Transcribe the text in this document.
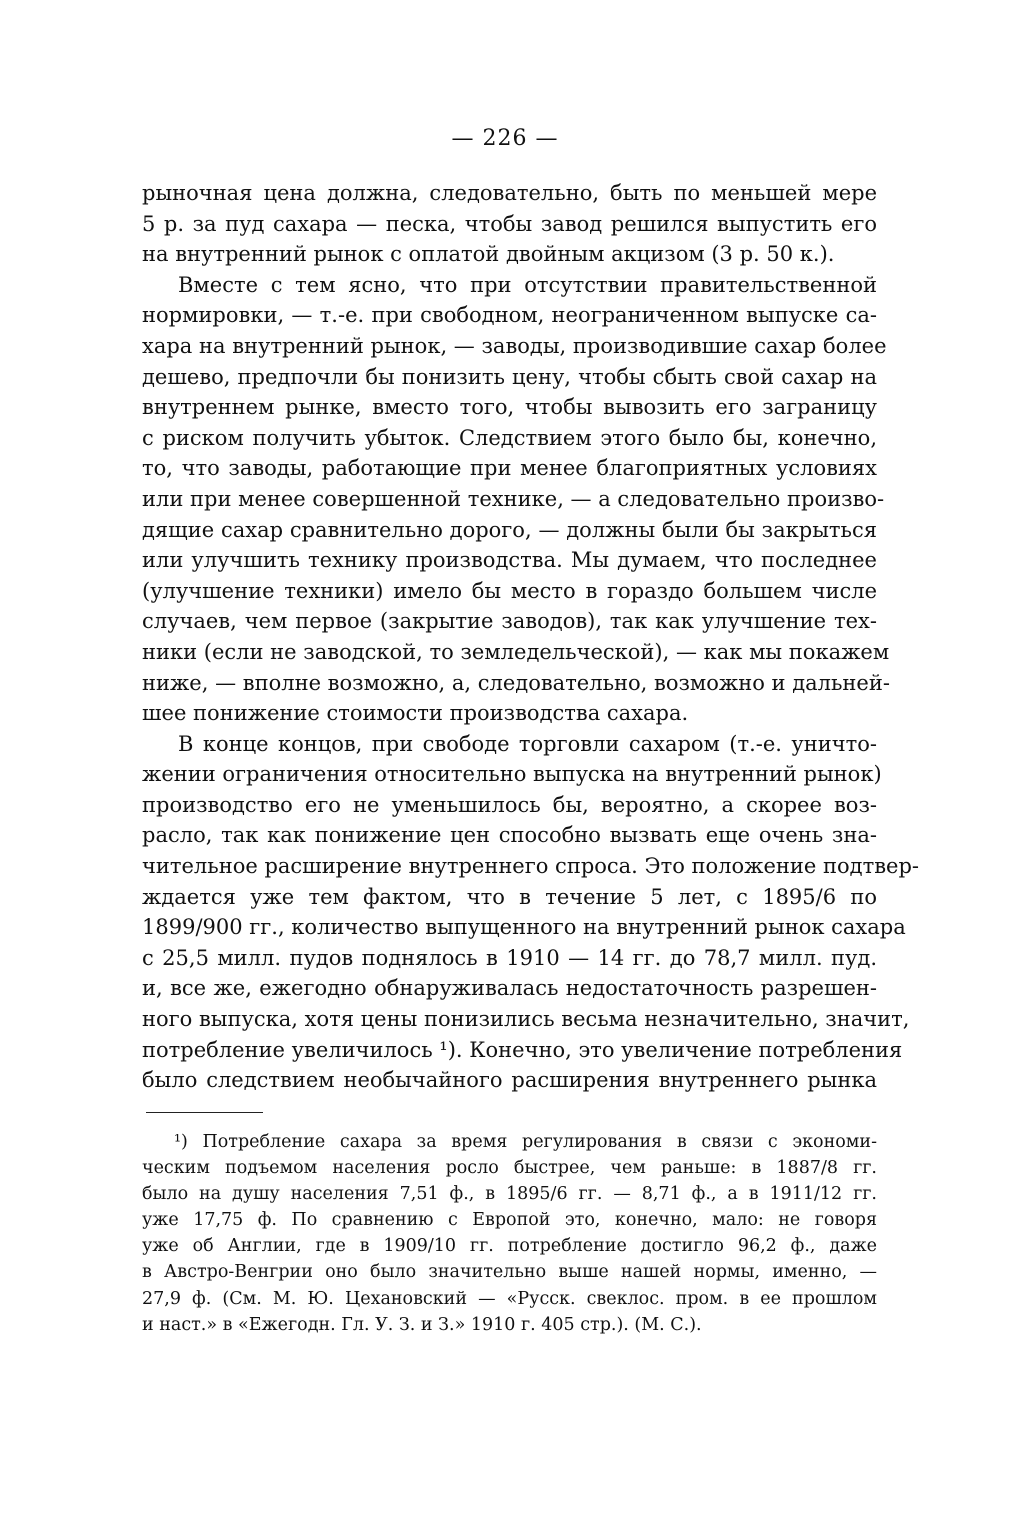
— 226 —
рыночная цена должна, следовательно, быть по меньшей мере
5 р. за пуд сахара — песка, чтобы завод решился выпустить его
на внутренний рынок с оплатой двойным акцизом (3 р. 50 к.).
Вместе с тем ясно, что при отсутствии правительственной
нормировки, — т.-е. при свободном, неограниченном выпуске са-
хара на внутренний рынок, — заводы, производившие сахар более
дешево, предпочли бы понизить цену, чтобы сбыть свой сахар на
внутреннем рынке, вместо того, чтобы вывозить его заграницу
с риском получить убыток. Следствием этого было бы, конечно,
то, что заводы, работающие при менее благоприятных условиях
или при менее совершенной технике, — а следовательно произво-
дящие сахар сравнительно дорого, — должны были бы закрыться
или улучшить технику производства. Мы думаем, что последнее
(улучшение техники) имело бы место в гораздо большем числе
случаев, чем первое (закрытие заводов), так как улучшение тех-
ники (если не заводской, то земледельческой), — как мы покажем
ниже, — вполне возможно, а, следовательно, возможно и дальней-
шее понижение стоимости производства сахара.
В конце концов, при свободе торговли сахаром (т.-е. уничто-
жении ограничения относительно выпуска на внутренний рынок)
производство его не уменьшилось бы, вероятно, а скорее воз-
расло, так как понижение цен способно вызвать еще очень зна-
чительное расширение внутреннего спроса. Это положение подтвер-
ждается уже тем фактом, что в течение 5 лет, с 1895/6 по
1899/900 гг., количество выпущенного на внутренний рынок сахара
с 25,5 милл. пудов поднялось в 1910 — 14 гг. до 78,7 милл. пуд.
и, все же, ежегодно обнаруживалась недостаточность разрешен-
ного выпуска, хотя цены понизились весьма незначительно, значит,
потребление увеличилось ¹). Конечно, это увеличение потребления
было следствием необычайного расширения внутреннего рынка
¹) Потребление сахара за время регулирования в связи с экономи-
ческим подъемом населения росло быстрее, чем раньше: в 1887/8 гг.
было на душу населения 7,51 ф., в 1895/6 гг. — 8,71 ф., а в 1911/12 гг.
уже 17,75 ф. По сравнению с Европой это, конечно, мало: не говоря
уже об Англии, где в 1909/10 гг. потребление достигло 96,2 ф., даже
в Австро-Венгрии оно было значительно выше нашей нормы, именно, —
27,9 ф. (См. М. Ю. Цехановский — «Русск. свеклос. пром. в ее прошлом
и наст.» в «Ежегодн. Гл. У. З. и З.» 1910 г. 405 стр.). (М. С.).
